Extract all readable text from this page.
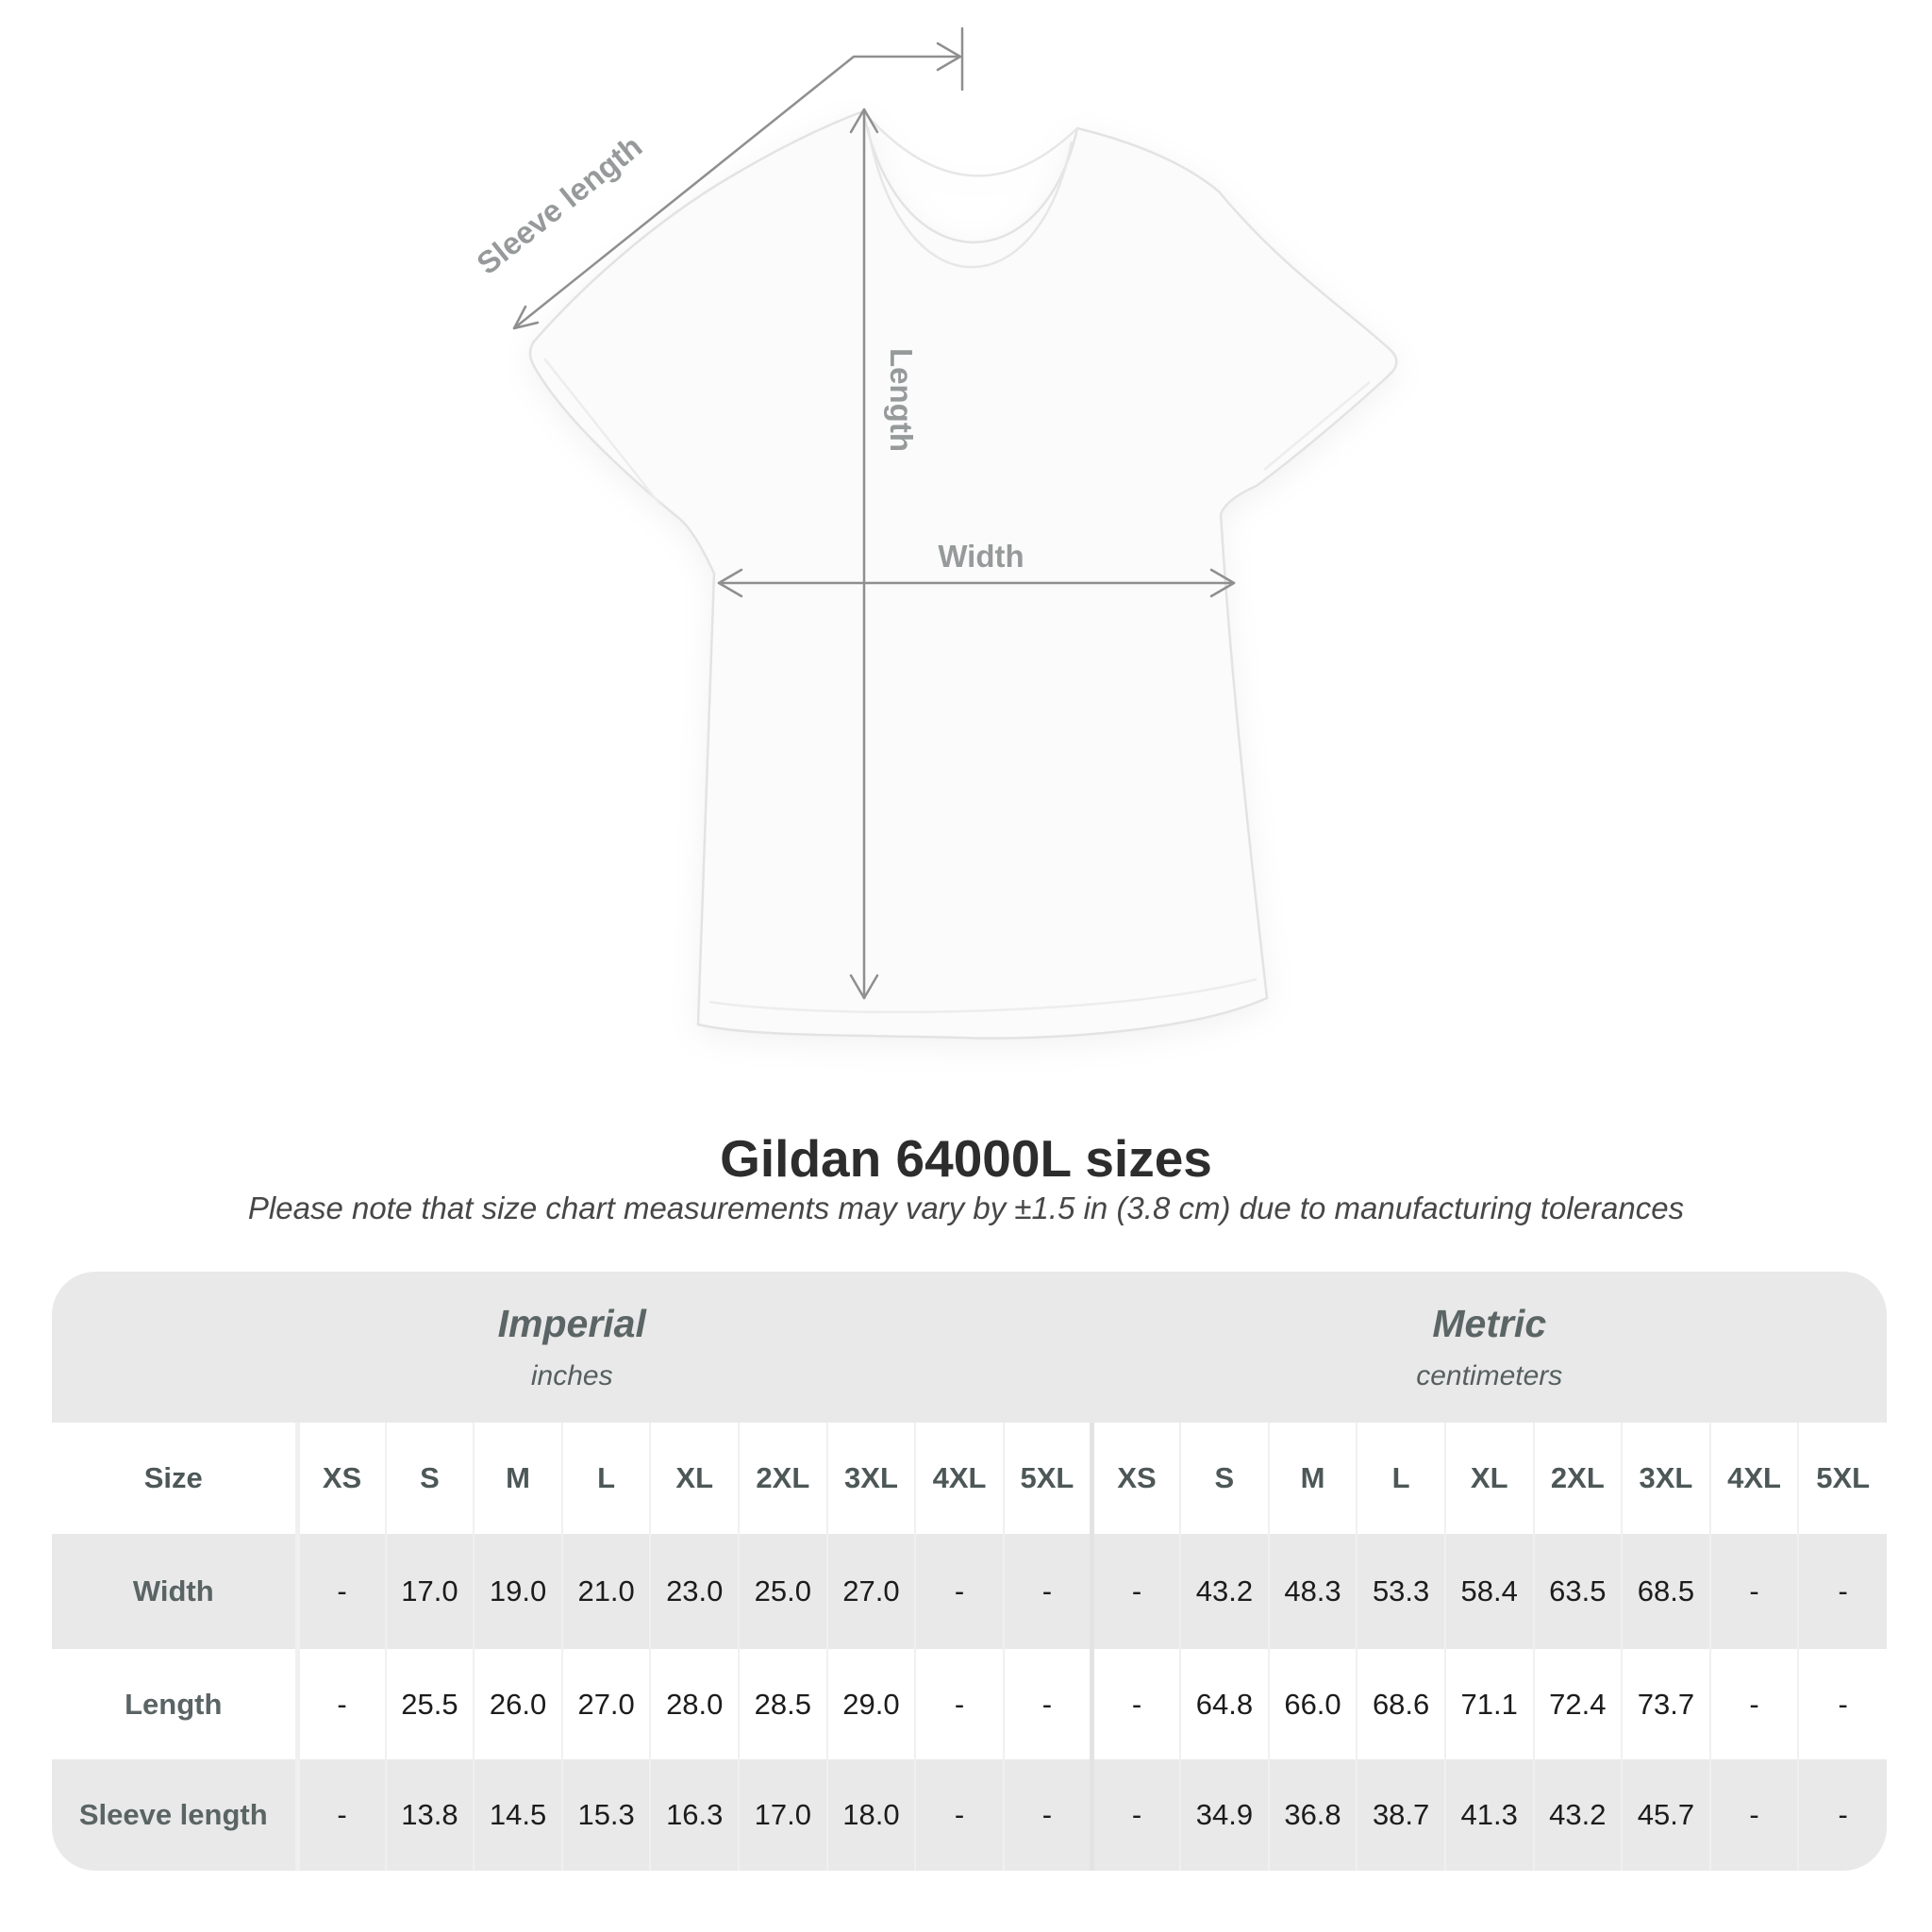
Sleeve length
Length
Width
Gildan 64000L sizes
Please note that size chart measurements may vary by ±1.5 in (3.8 cm) due to manufacturing tolerances
Imperial
inches

Metric
centimeters

Size	XS	S	M	L	XL	2XL	3XL	4XL	5XL	XS	S	M	L	XL	2XL	3XL	4XL	5XL
Width	-	17.0	19.0	21.0	23.0	25.0	27.0	-	-	-	43.2	48.3	53.3	58.4	63.5	68.5	-	-
Length	-	25.5	26.0	27.0	28.0	28.5	29.0	-	-	-	64.8	66.0	68.6	71.1	72.4	73.7	-	-
Sleeve length	-	13.8	14.5	15.3	16.3	17.0	18.0	-	-	-	34.9	36.8	38.7	41.3	43.2	45.7	-	-
